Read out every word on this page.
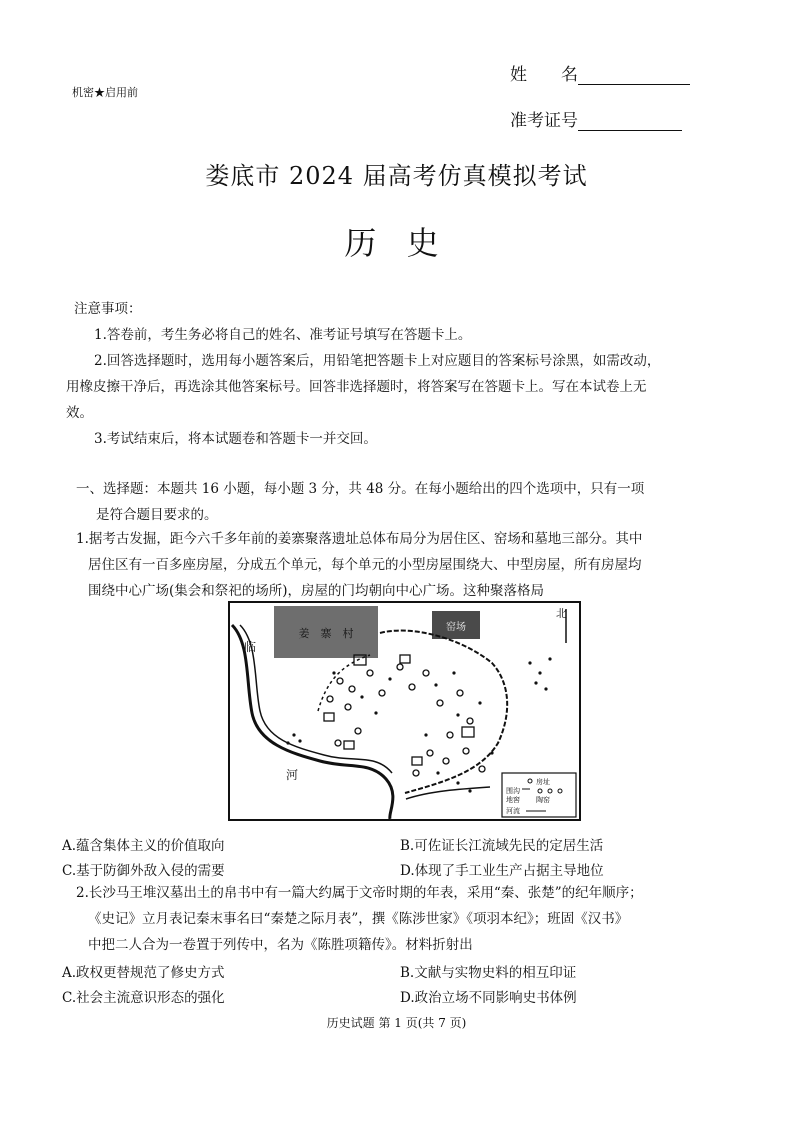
机密★启用前
姓　　名
准考证号
娄底市 2024 届高考仿真模拟考试
历 史
注意事项：
1.答卷前，考生务必将自己的姓名、准考证号填写在答题卡上。
2.回答选择题时，选用每小题答案后，用铅笔把答题卡上对应题目的答案标号涂黑，如需改动，
用橡皮擦干净后，再选涂其他答案标号。回答非选择题时，将答案写在答题卡上。写在本试卷上无
效。
3.考试结束后，将本试题卷和答题卡一并交回。
一、选择题：本题共 16 小题，每小题 3 分，共 48 分。在每小题给出的四个选项中，只有一项
是符合题目要求的。
1.据考古发掘，距今六千多年前的姜寨聚落遗址总体布局分为居住区、窑场和墓地三部分。其中
居住区有一百多座房屋，分成五个单元，每个单元的小型房屋围绕大、中型房屋，所有房屋均
围绕中心广场(集会和祭祀的场所)，房屋的门均朝向中心广场。这种聚落格局
姜　寨　村	窑场
临
河
北
房址
围沟
地窖 陶窑
河流
A.蕴含集体主义的价值取向	B.可佐证长江流域先民的定居生活
C.基于防御外敌入侵的需要	D.体现了手工业生产占据主导地位
2.长沙马王堆汉墓出土的帛书中有一篇大约属于文帝时期的年表，采用“秦、张楚”的纪年顺序；
《史记》立月表记秦末事名曰“秦楚之际月表”，撰《陈涉世家》《项羽本纪》；班固《汉书》
中把二人合为一卷置于列传中，名为《陈胜项籍传》。材料折射出
A.政权更替规范了修史方式	B.文献与实物史料的相互印证
C.社会主流意识形态的强化	D.政治立场不同影响史书体例
历史试题 第 1 页(共 7 页)
